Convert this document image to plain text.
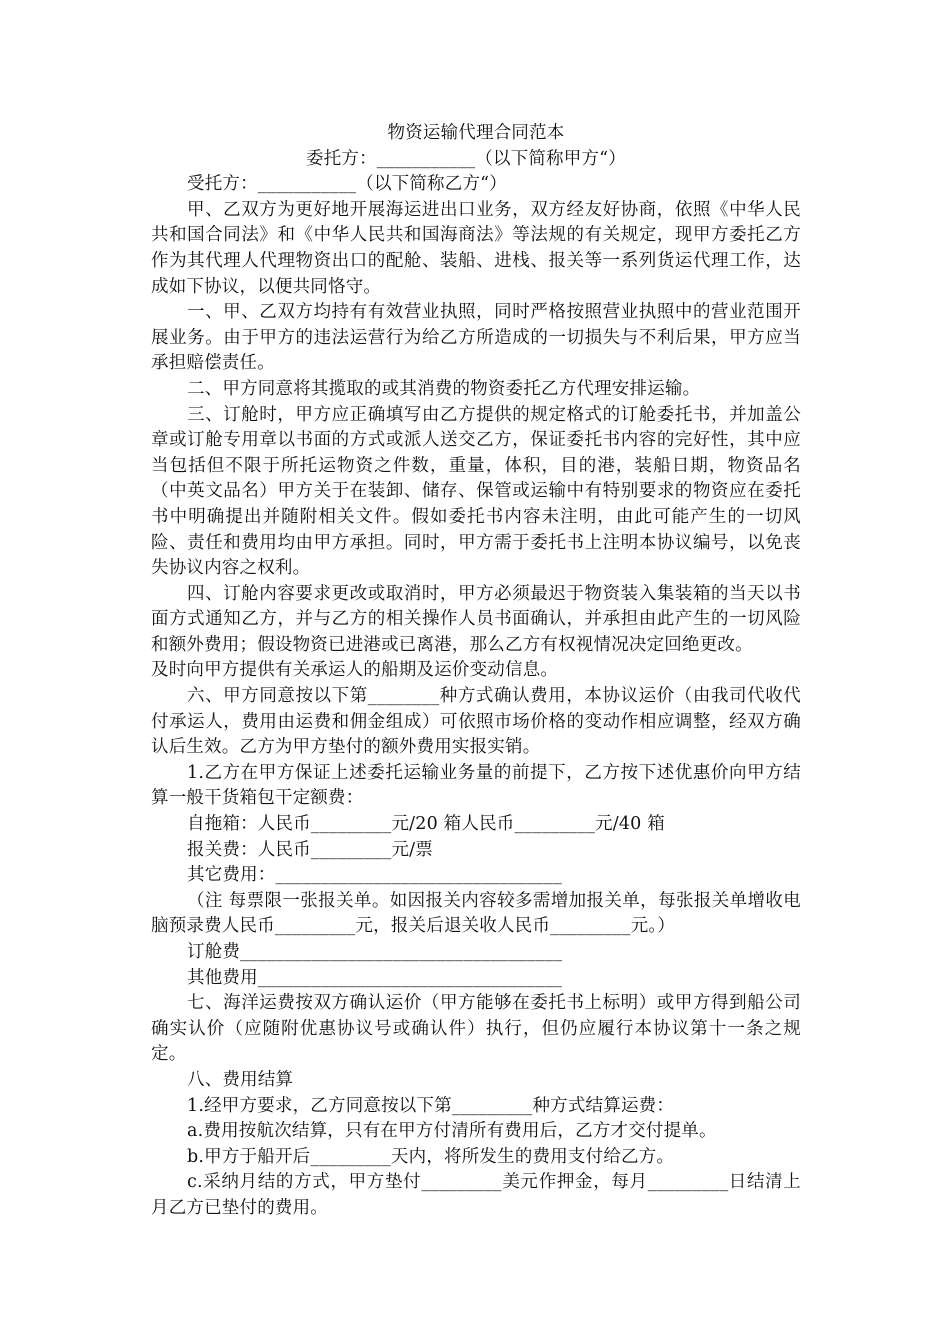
物资运输代理合同范本
委托方：___________（以下简称甲方“）
受托方：___________（以下简称乙方“）

甲、乙双方为更好地开展海运进出口业务，双方经友好协商，依照《中华人民共和国合同法》和《中华人民共和国海商法》等法规的有关规定，现甲方委托乙方作为其代理人代理物资出口的配舱、装船、进栈、报关等一系列货运代理工作，达成如下协议，以便共同恪守。

一、甲、乙双方均持有有效营业执照，同时严格按照营业执照中的营业范围开展业务。由于甲方的违法运营行为给乙方所造成的一切损失与不利后果，甲方应当承担赔偿责任。

二、甲方同意将其揽取的或其消费的物资委托乙方代理安排运输。

三、订舱时，甲方应正确填写由乙方提供的规定格式的订舱委托书，并加盖公章或订舱专用章以书面的方式或派人送交乙方，保证委托书内容的完好性，其中应当包括但不限于所托运物资之件数，重量，体积，目的港，装船日期，物资品名（中英文品名）甲方关于在装卸、储存、保管或运输中有特别要求的物资应在委托书中明确提出并随附相关文件。假如委托书内容未注明，由此可能产生的一切风险、责任和费用均由甲方承担。同时，甲方需于委托书上注明本协议编号，以免丧失协议内容之权利。

四、订舱内容要求更改或取消时，甲方必须最迟于物资装入集装箱的当天以书面方式通知乙方，并与乙方的相关操作人员书面确认，并承担由此产生的一切风险和额外费用；假设物资已进港或已离港，那么乙方有权视情况决定回绝更改。

及时向甲方提供有关承运人的船期及运价变动信息。

六、甲方同意按以下第________种方式确认费用，本协议运价（由我司代收代付承运人，费用由运费和佣金组成）可依照市场价格的变动作相应调整，经双方确认后生效。乙方为甲方垫付的额外费用实报实销。

1.乙方在甲方保证上述委托运输业务量的前提下，乙方按下述优惠价向甲方结算一般干货箱包干定额费：

自拖箱：人民币_________元/20 箱人民币_________元/40 箱
报关费：人民币_________元/票
其它费用：________________________________

（注 每票限一张报关单。如因报关内容较多需增加报关单，每张报关单增收电脑预录费人民币_________元，报关后退关收人民币_________元。）

订舱费____________________________________
其他费用__________________________________

七、海洋运费按双方确认运价（甲方能够在委托书上标明）或甲方得到船公司确实认价（应随附优惠协议号或确认件）执行，但仍应履行本协议第十一条之规定。

八、费用结算

1.经甲方要求，乙方同意按以下第_________种方式结算运费：

a.费用按航次结算，只有在甲方付清所有费用后，乙方才交付提单。

b.甲方于船开后_________天内，将所发生的费用支付给乙方。

c.采纳月结的方式，甲方垫付_________美元作押金，每月_________日结清上月乙方已垫付的费用。
